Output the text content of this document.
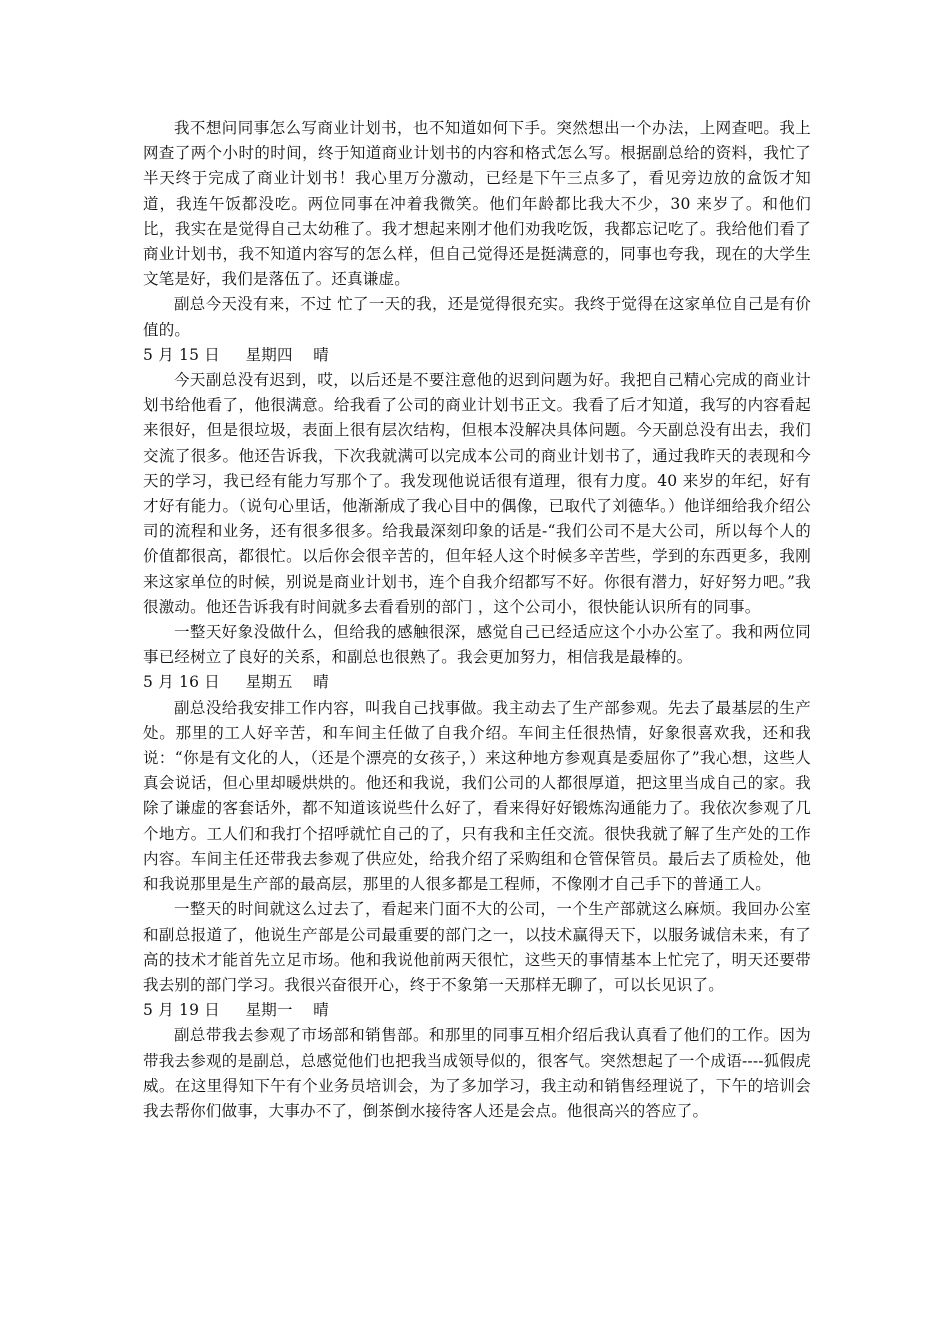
我不想问同事怎么写商业计划书，也不知道如何下手。突然想出一个办法，上网查吧。我上网查了两个小时的时间，终于知道商业计划书的内容和格式怎么写。根据副总给的资料，我忙了半天终于完成了商业计划书！我心里万分激动，已经是下午三点多了，看见旁边放的盒饭才知道，我连午饭都没吃。两位同事在冲着我微笑。他们年龄都比我大不少，30 来岁了。和他们比，我实在是觉得自己太幼稚了。我才想起来刚才他们劝我吃饭，我都忘记吃了。我给他们看了商业计划书，我不知道内容写的怎么样，但自己觉得还是挺满意的，同事也夸我，现在的大学生文笔是好，我们是落伍了。还真谦虚。

副总今天没有来，不过 忙了一天的我，还是觉得很充实。我终于觉得在这家单位自己是有价值的。

5 月 15 日     星期四    晴

今天副总没有迟到，哎，以后还是不要注意他的迟到问题为好。我把自己精心完成的商业计划书给他看了，他很满意。给我看了公司的商业计划书正文。我看了后才知道，我写的内容看起来很好，但是很垃圾，表面上很有层次结构，但根本没解决具体问题。今天副总没有出去，我们交流了很多。他还告诉我，下次我就满可以完成本公司的商业计划书了，通过我昨天的表现和今天的学习，我已经有能力写那个了。我发现他说话很有道理，很有力度。40 来岁的年纪，好有才好有能力。（说句心里话，他渐渐成了我心目中的偶像，已取代了刘德华。）他详细给我介绍公司的流程和业务，还有很多很多。给我最深刻印象的话是-“我们公司不是大公司，所以每个人的价值都很高，都很忙。以后你会很辛苦的，但年轻人这个时候多辛苦些，学到的东西更多，我刚来这家单位的时候，别说是商业计划书，连个自我介绍都写不好。你很有潜力，好好努力吧。”我很激动。他还告诉我有时间就多去看看别的部门 ，这个公司小，很快能认识所有的同事。

一整天好象没做什么，但给我的感触很深，感觉自己已经适应这个小办公室了。我和两位同事已经树立了良好的关系，和副总也很熟了。我会更加努力，相信我是最棒的。

5 月 16 日     星期五    晴

副总没给我安排工作内容，叫我自己找事做。我主动去了生产部参观。先去了最基层的生产处。那里的工人好辛苦，和车间主任做了自我介绍。车间主任很热情，好象很喜欢我，还和我说：“你是有文化的人，（还是个漂亮的女孩子，）来这种地方参观真是委屈你了”我心想，这些人真会说话，但心里却暖烘烘的。他还和我说，我们公司的人都很厚道，把这里当成自己的家。我除了谦虚的客套话外，都不知道该说些什么好了，看来得好好锻炼沟通能力了。我依次参观了几个地方。工人们和我打个招呼就忙自己的了，只有我和主任交流。很快我就了解了生产处的工作内容。车间主任还带我去参观了供应处，给我介绍了采购组和仓管保管员。最后去了质检处，他和我说那里是生产部的最高层，那里的人很多都是工程师，不像刚才自己手下的普通工人。

一整天的时间就这么过去了，看起来门面不大的公司，一个生产部就这么麻烦。我回办公室和副总报道了，他说生产部是公司最重要的部门之一，以技术赢得天下，以服务诚信未来，有了高的技术才能首先立足市场。他和我说他前两天很忙，这些天的事情基本上忙完了，明天还要带我去别的部门学习。我很兴奋很开心，终于不象第一天那样无聊了，可以长见识了。

5 月 19 日     星期一    晴

副总带我去参观了市场部和销售部。和那里的同事互相介绍后我认真看了他们的工作。因为带我去参观的是副总，总感觉他们也把我当成领导似的，很客气。突然想起了一个成语----狐假虎威。在这里得知下午有个业务员培训会，为了多加学习，我主动和销售经理说了，下午的培训会我去帮你们做事，大事办不了，倒茶倒水接待客人还是会点。他很高兴的答应了。
